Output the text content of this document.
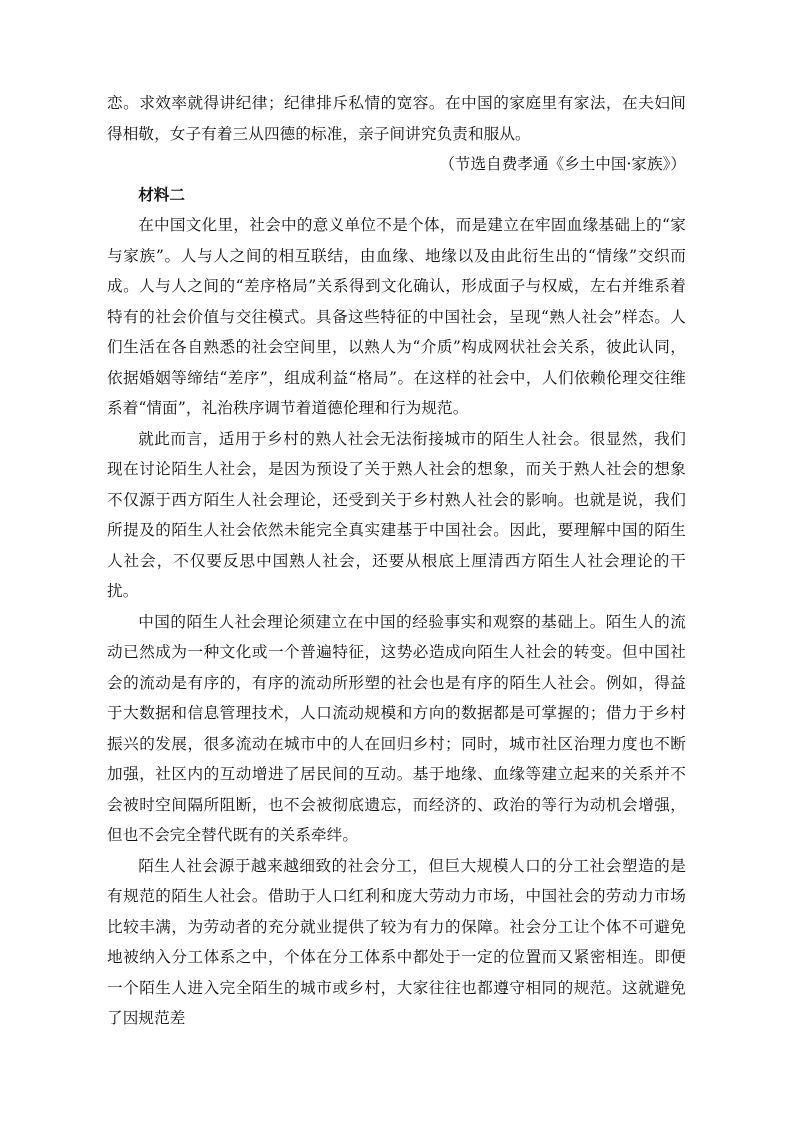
恋。求效率就得讲纪律；纪律排斥私情的宽容。在中国的家庭里有家法，在夫妇间得相敬，女子有着三从四德的标准，亲子间讲究负责和服从。

（节选自费孝通《乡土中国·家族》）

材料二

在中国文化里，社会中的意义单位不是个体，而是建立在牢固血缘基础上的“家与家族”。人与人之间的相互联结，由血缘、地缘以及由此衍生出的“情缘”交织而成。人与人之间的“差序格局”关系得到文化确认，形成面子与权威，左右并维系着特有的社会价值与交往模式。具备这些特征的中国社会，呈现“熟人社会”样态。人们生活在各自熟悉的社会空间里，以熟人为“介质”构成网状社会关系，彼此认同，依据婚姻等缔结“差序”，组成利益“格局”。在这样的社会中，人们依赖伦理交往维系着“情面”，礼治秩序调节着道德伦理和行为规范。

就此而言，适用于乡村的熟人社会无法衔接城市的陌生人社会。很显然，我们现在讨论陌生人社会，是因为预设了关于熟人社会的想象，而关于熟人社会的想象不仅源于西方陌生人社会理论，还受到关于乡村熟人社会的影响。也就是说，我们所提及的陌生人社会依然未能完全真实建基于中国社会。因此，要理解中国的陌生人社会，不仅要反思中国熟人社会，还要从根底上厘清西方陌生人社会理论的干扰。

中国的陌生人社会理论须建立在中国的经验事实和观察的基础上。陌生人的流动已然成为一种文化或一个普遍特征，这势必造成向陌生人社会的转变。但中国社会的流动是有序的，有序的流动所形塑的社会也是有序的陌生人社会。例如，得益于大数据和信息管理技术，人口流动规模和方向的数据都是可掌握的；借力于乡村振兴的发展，很多流动在城市中的人在回归乡村；同时，城市社区治理力度也不断加强，社区内的互动增进了居民间的互动。基于地缘、血缘等建立起来的关系并不会被时空间隔所阻断，也不会被彻底遗忘，而经济的、政治的等行为动机会增强，但也不会完全替代既有的关系牵绊。

陌生人社会源于越来越细致的社会分工，但巨大规模人口的分工社会塑造的是有规范的陌生人社会。借助于人口红利和庞大劳动力市场，中国社会的劳动力市场比较丰满，为劳动者的充分就业提供了较为有力的保障。社会分工让个体不可避免地被纳入分工体系之中，个体在分工体系中都处于一定的位置而又紧密相连。即便一个陌生人进入完全陌生的城市或乡村，大家往往也都遵守相同的规范。这就避免了因规范差
